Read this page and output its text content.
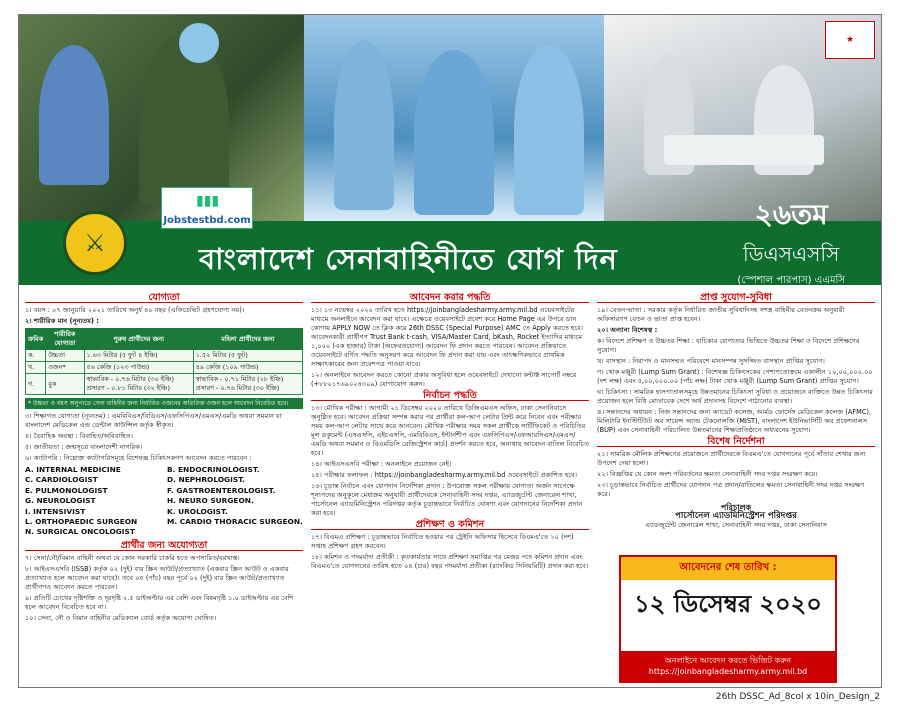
★
⚔
▮▮▮
Jobstestbd.com
বাংলাদেশ সেনাবাহিনীতে যোগ দিন
২৬তম
ডিএসএসসি
(স্পেশাল পারপাস) এএমসি
যোগ্যতা

১। বয়স : ০৭ জানুয়ারি ২০২১ তারিখে অনুর্ধ ৪০ বছর (এফিডেভিট গ্রহণযোগ্য নয়)।

২। শারীরিক মান (নূন্যতম) :

ক্রমিক	শারীরিক যোগ্যতা	পুরুষ প্রার্থীদের জন্য	মহিলা প্রার্থীদের জন্য
ক.	উচ্চতা	১.৬৩ মিটার (৫ ফুট ৪ ইঞ্চি)	১.৫২ মিটার (৫ ফুট)
খ.	ওজন*	৫৬ কেজি (১২৩ পাউন্ড)	৪৯ কেজি (১০৯ পাউন্ড)
গ.	বুক	স্বাভাবিক - ০.৭৬ মিটার (৩০ ইঞ্চি) প্রসারণ - ০.৮১ মিটার (৩২ ইঞ্চি)	স্বাভাবিক - ০.৭১ মিটার (২৮ ইঞ্চি) প্রসারণ - ০.৭৬ মিটার (৩০ ইঞ্চি)
* উচ্চতা ও বয়স অনুপাতে সেনা বাহিনীর জন্য নির্ধারিত ওজনের অতিরিক্ত ওজন হলে আবেদন বিবেচিত হবে।

৩। শিক্ষাগত যোগ্যতা (ন্যূনতম) : এমবিবিএস/বিডিএস/এফসিপিএস/এমএস/এমডি অথবা সমমান যা বাংলাদেশ মেডিকেল এন্ড ডেন্টাল কাউন্সিল কর্তৃক স্বীকৃত।

৪। বৈবাহিক অবস্থা : বিবাহিত/অবিবাহিত।

৫। জাতীয়তা : জন্মসূত্রে বাংলাদেশী নাগরিক।

৬। ক্যাটাগরি : নিম্নোক্ত ক্যাটাগরিসমূহে বিশেষজ্ঞ চিকিৎসকগণ আবেদন করতে পারবেন :

A. INTERNAL MEDICINE	B. ENDOCRINOLOGIST.
C. CARDIOLOGIST	D. NEPHROLOGIST.
E. PULMONOLOGIST	F. GASTROENTEROLOGIST.
G. NEUROLOGIST	H. NEURO SURGEON.
I. INTENSIVIST	K. UROLOGIST.
L. ORTHOPAEDIC SURGEON	M. CARDIO THORACIC SURGEON.
N. SURGICAL ONCOLOGIST
প্রার্থীর জন্য অযোগ্যতা

৭। সেনা/নৌ/বিমান বাহিনী অথবা যে কোন সরকারি চাকরি হতে অপসারিত/বরখাস্ত।

৮। আইএসএসবি (ISSB) কর্তৃক ০২ (দুই) বার স্ক্রিন আউট/প্রত্যাখ্যাত (একবার স্ক্রিন আউট ও একবার প্রত্যাখ্যাত হলে আবেদন করা যাবে)। তবে ০৫ (পাঁচ) বছর পূর্বে ০২ (দুই) বার স্ক্রিন আউট/প্রত্যাখ্যাত প্রার্থীগণও আবেদন করতে পারবেন।

৯। প্রতিটি চোখের দৃষ্টিশক্তি ও দূরদৃষ্টি ২.৫ ডাইঅপ্টার এর বেশি এবং বিষমদৃষ্টি ১.০ ডাইঅপ্টার এর বেশি হলে আবেদন বিবেচিত হবে না।

১০। সেনা, নৌ ও বিমান বাহিনীর মেডিক্যাল বোর্ড কর্তৃক অযোগ্য ঘোষিত।

আবেদন করার পদ্ধতি

১১। ১৩ নভেম্বর ২০২০ তারিখ হতে https://joinbangladesharmy.army.mil.bd ওয়েবসাইটের মাধ্যমে অনলাইনে আবেদন করা যাবে। এক্ষেত্রে ওয়েবসাইটে প্রবেশ করে Home Page এর উপরে ডান কোণায় APPLY NOW তে ক্লিক করে 26th DSSC (Special Purpose) AMC তে Apply করতে হবে। আবেদনকারী প্রার্থীগণ Trust Bank t-cash, VISA/Master Card, bKash, Rocket ইত্যাদির মাধ্যমে ১,০০০ (এক হাজার) টাকা (অফেরতযোগ্য) আবেদন ফি প্রদান করতে পারবেন। আবেদন প্রক্রিয়াতে ওয়েবসাইটে বর্ণিত পদ্ধতি অনুসরণ করে আবেদন ফি প্রদান করা যায় এবং তাৎক্ষণিকভাবে প্রাথমিক সাক্ষাৎকারের জন্য প্রবেশপত্র পাওয়া যাবে।

১২। অনলাইনে আবেদন করতে কোনো প্রকার অসুবিধা হলে ওয়েবসাইটে দেখানো কন্টাক্ট সাপোর্ট নম্বরে (+৮৮০১৭৬৯০২৪৩০৯) যোগাযোগ করুন।

নির্বাচন পদ্ধতি

১৩। মৌখিক পরীক্ষা : আগামী ২১ ডিসেম্বর ২০২০ তারিখে ডিজিএমএস অফিস, ঢাকা সেনানিবাসে অনুষ্ঠিত হবে। আবেদন প্রক্রিয়া সম্পন্ন করার পর প্রার্থীরা কল-আপ লেটার প্রিন্ট করে নিবেন এবং পরীক্ষার সময় কল-আপ লেটার সাথে করে আনবেন। মৌখিক পরীক্ষার সময় সকল প্রার্থীকে সার্টিফিকেট ও পরিচিতির মূল ডকুমেন্ট (এসএসসি, এইচএসসি, এমবিবিএস, ইন্টার্নশীপ এবং এফসিপিএস/এফআরসিএস/এমএস/এমডি অথবা সমমান ও বিএমডিসি রেজিস্ট্রেশন কার্ড) প্রদর্শন করতে হবে, অন্যথায় আবেদন বাতিল বিবেচিত হবে।

১৪। আইএসএসবি পরীক্ষা : অনলাইনে প্রয়োজন নেই।

১৫। পরীক্ষার ফলাফল : https://joinbangladesharmy.army.mil.bd ওয়েবসাইটে প্রকাশিত হবে।

১৬। চূড়ান্ত নির্বাচন এবং যোগদান নির্দেশিকা প্রদান : উপরোক্ত সকল পরীক্ষায় যোগ্যতা অর্জন সাপেক্ষে শূন্যপদের অনুকূলে মেধাক্রম অনুযায়ী প্রার্থীদেরকে সেনাবাহিনী সদর দপ্তর, এ্যাডজুটেন্ট জেনারেল শাখা, পার্সোনেল এ্যাডমিনিস্ট্রেশন পরিদপ্তর কর্তৃক চূড়ান্তভাবে নির্বাচিত ঘোষণা এবং যোগদানের নির্দেশিকা প্রদান করা হবে।

প্রশিক্ষণ ও কমিশন

১৭। বিএমএ প্রশিক্ষণ : চূড়ান্তভাবে নির্বাচিত হওয়ার পর ট্রেইনি অফিসার হিসেবে বিএমএ'তে ১০ (দশ) সপ্তাহ প্রশিক্ষণ গ্রহণ করবেন।

১৮। কমিশন ও পদমর্যাদা প্রতীকী : কৃতকার্যতার সাথে প্রশিক্ষণ সমাপ্তির পর মেজর পদে কমিশন প্রদান এবং বিএমএ'তে যোগদানের তারিখ হতে ০৪ (চার) বছর পদমর্যাদা প্রতীকা (র‍্যাংকিড সিনিয়রিটি) প্রদান করা হবে।

প্রাপ্ত সুযোগ-সুবিধা

১৯। বেতন-ভাতা : সরকার কর্তৃক নির্ধারিত জাতীয় সুবিধাদিসহ সশস্ত্র বাহিনীর বেতনক্রম অনুযায়ী অফিসারগণ বেতন ও ভাতা প্রাপ্ত হবেন।

২০। অন্যান্য বিশেষত্ব :

ক। বিদেশে প্রশিক্ষণ ও উচ্চতর শিক্ষা : যাচিকার যোগ্যতার ভিত্তিতে উচ্চতর শিক্ষা ও বিদেশে প্রশিক্ষণের সুযোগ।

খ। বাসস্থান : নিরাপদ ও মানসম্মত পরিবেশে মানসম্পন্ন সুসজ্জিত বাসস্থান প্রাপ্তির সুযোগ।

গ। থোক মঞ্জুরী (Lump Sum Grant) : বিশেষজ্ঞ চিকিৎসকের পেশাগতোক্রমে একালীন ১০,০০,০০০.০০ (দশ লক্ষ) এবং ৫,০০,০০০.০০ (পাঁচ লক্ষ) টাকা থোক মঞ্জুরী (Lump Sum Grant) প্রাপ্তির সুযোগ।

ঘ। চিকিৎসা : সামরিক হাসপাতালসমূহে উন্নতমানের চিকিৎসা সুবিধা ও প্রয়োজনে ব্যক্তিতে উন্নত চিকিৎসার প্রয়োজন হলে বিধি মোতাবেক দেশে অর্থ প্রদানসহ বিদেশে পাঠানোর ব্যবস্থা।

ঙ। সন্তানদের অধ্যয়ন : নিজ সন্তানদের জন্য ক্যাডেট কলেজ, আর্মড ফোর্সেস মেডিকেল কলেজ (AFMC), মিলিটারি ইনস্টিটিউট অব সায়েন্স অ্যান্ড টেকনোলজি (MIST), বাংলাদেশ ইউনিভার্সিটি অব প্রফেশনালস (BUP) এবং সেনাবাহিনী পরিচালিত উন্নতমানের শিক্ষাপ্রতিষ্ঠানে অধ্যয়নের সুযোগ।

বিশেষ নির্দেশনা

২১। সামরিক মৌলিক প্রশিক্ষণের প্রয়োজনে প্রার্থীদেরকে বিএমএ'তে যোগদানের পূর্বে সাঁতার শেখার জন্য উপদেশ দেয়া হলো।

২২। বিজ্ঞপ্তির যে কোন অংশ পরিবর্তনের ক্ষমতা সেনাবাহিনী সদর দপ্তর সংরক্ষণ করে।

২৩। চূড়ান্তভাবে নির্বাচিত প্রার্থীদের যোগদান পত্র প্রদান/বাতিলের ক্ষমতা সেনাবাহিনী সদর দপ্তর সংরক্ষণ করে।

পরিচালক
পার্সোনেল এ্যাডমিনিস্ট্রেশন পরিদপ্তর
এ্যাডজুটেন্ট জেনারেল শাখা, সেনাবাহিনী সদর দপ্তর, ঢাকা সেনানিবাস
আবেদনের শেষ তারিখ :
১২ ডিসেম্বর ২০২০
অনলাইনে আবেদন করতে ভিজিট করুন
https://joinbangladesharmy.army.mil.bd
26th DSSC_Ad_8col x 10in_Design_2
